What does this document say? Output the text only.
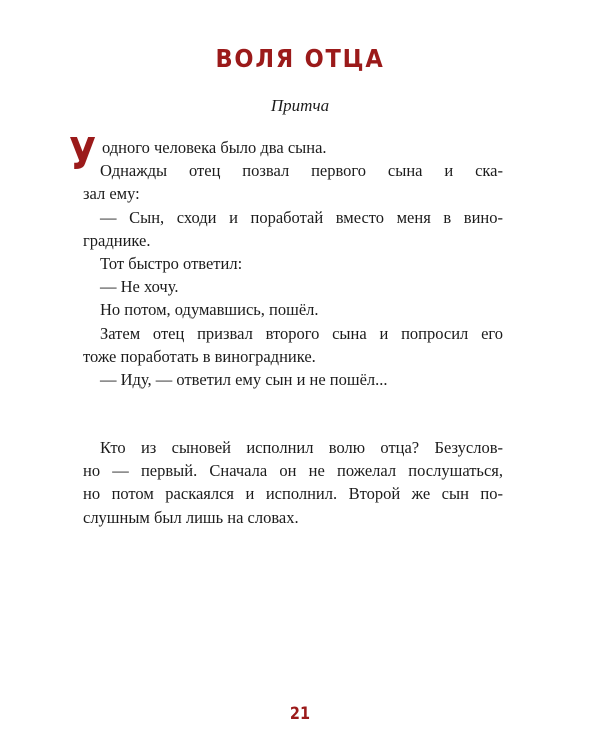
ВОЛЯ ОТЦА
Притча
У одного человека было два сына.
Однажды отец позвал первого сына и ска-
зал ему:
— Сын, сходи и поработай вместо меня в вино-
граднике.
Тот быстро ответил:
— Не хочу.
Но потом, одумавшись, пошёл.
Затем отец призвал второго сына и попросил его
тоже поработать в винограднике.
— Иду, — ответил ему сын и не пошёл...
Кто из сыновей исполнил волю отца? Безуслов-
но — первый. Сначала он не пожелал послушаться,
но потом раскаялся и исполнил. Второй же сын по-
слушным был лишь на словах.
21
